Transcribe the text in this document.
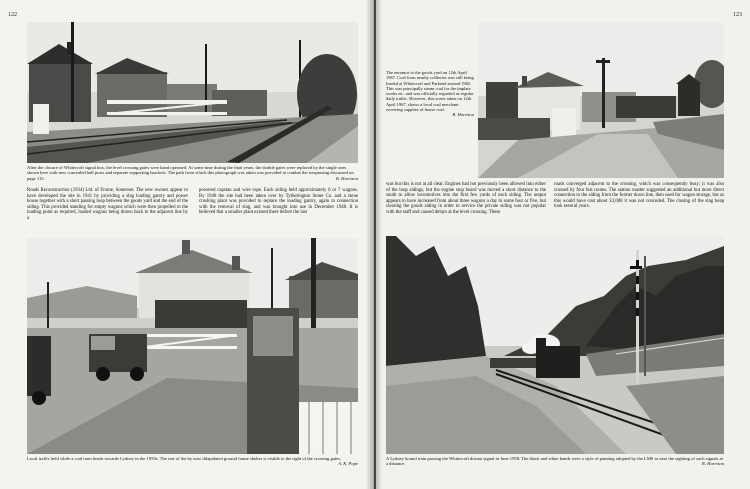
122
After the closure of Whitecroft signal box, the level crossing gates were hand operated. At some time during the final years, the double gates were replaced by the single ones shown here with new concealed ball posts and separate supporting brackets. The path from which this photograph was taken was provided to combat the trespassing discussed on page 115.	R. Harrison

Roads Reconstruction (1934) Ltd. of Frome, Somerset. The new owners appear to have developed the site in 1941 by providing a slag loading gantry and power house together with a short passing loop between the goods yard and the end of the siding. This provided standing for empty wagons which were then propelled to the loading point as required, loaded wagons being drawn back to the adjacent line by a

powered capstan and wire rope. Each siding held approximately 6 or 7 wagons. By 1948 the site had been taken over by Tytherington Stone Co. and a stone crushing plant was provided to replace the loading gantry, again in connection with the removal of slag, and was brought into use in December 1948. It is believed that a smaller plant existed there before the last

Local traffic held while a coal train heads towards Lydney in the 1950s. The rest of the by now dilapidated ground frame shelter is visible to the right of the crossing gates.
A. K. Pope
123
The entrance to the goods yard on 12th April 1967. Coal from nearby collieries was still being loaded at Whitecroft and Parkend around 1965. This was principally steam coal for the tinplate works etc. and was officially regarded as regular daily traffic. However, this scene taken on 12th April 1967, shows a local coal merchant receiving supplies of house coal.
R. Harrison

was but this is not at all clear. Engines had not previously been allowed into either of the loop sidings, but the engine stop board was moved a short distance to the south to allow locomotives into the first few yards of each siding. The output appears to have increased from about three wagons a day to some four or five, but clearing the goods siding in order to service the private siding was not popular with the staff and caused delays at the level crossing. These

roads converged adjacent to the crossing, which was consequently busy; it was also crossed by four bus routes. The station master suggested an additional but more direct connection to the siding from the former down line, then used for wagon storage, but as this would have cost about £3,000 it was not conceded. The closing of the slag heap took several years.

A Lydney bound train passing the Whitecroft distant signal in June 1958. The black and white bands were a style of painting adopted by the LMS to ease the sighting of such signals at a distance.	R. Harrison
